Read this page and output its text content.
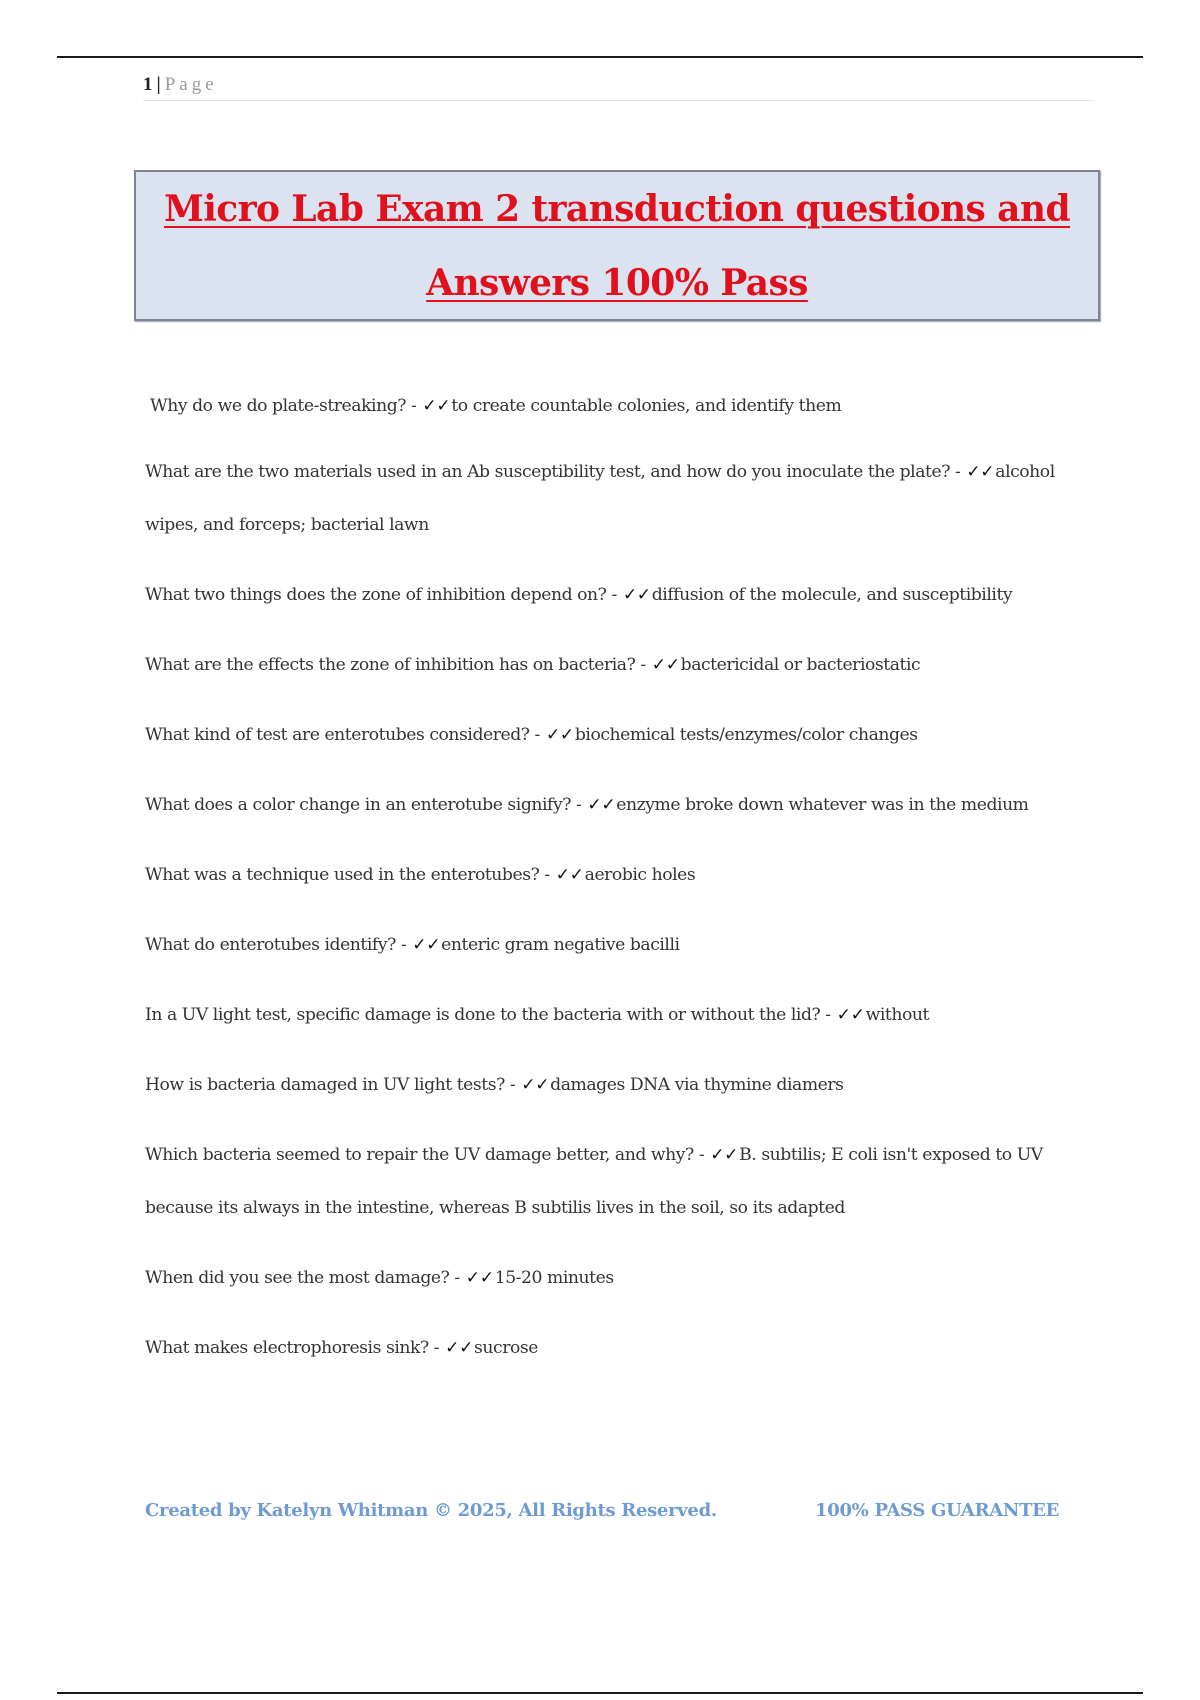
1 | Page
Micro Lab Exam 2 transduction questions and
Answers 100% Pass
Why do we do plate-streaking? - ✓✓to create countable colonies, and identify them
What are the two materials used in an Ab susceptibility test, and how do you inoculate the plate? - ✓✓alcohol wipes, and forceps; bacterial lawn
What two things does the zone of inhibition depend on? - ✓✓diffusion of the molecule, and susceptibility
What are the effects the zone of inhibition has on bacteria? - ✓✓bactericidal or bacteriostatic
What kind of test are enterotubes considered? - ✓✓biochemical tests/enzymes/color changes
What does a color change in an enterotube signify? - ✓✓enzyme broke down whatever was in the medium
What was a technique used in the enterotubes? - ✓✓aerobic holes
What do enterotubes identify? - ✓✓enteric gram negative bacilli
In a UV light test, specific damage is done to the bacteria with or without the lid? - ✓✓without
How is bacteria damaged in UV light tests? - ✓✓damages DNA via thymine diamers
Which bacteria seemed to repair the UV damage better, and why? - ✓✓B. subtilis; E coli isn't exposed to UV because its always in the intestine, whereas B subtilis lives in the soil, so its adapted
When did you see the most damage? - ✓✓15-20 minutes
What makes electrophoresis sink? - ✓✓sucrose
Created by Katelyn Whitman © 2025, All Rights Reserved.	100% PASS GUARANTEE
